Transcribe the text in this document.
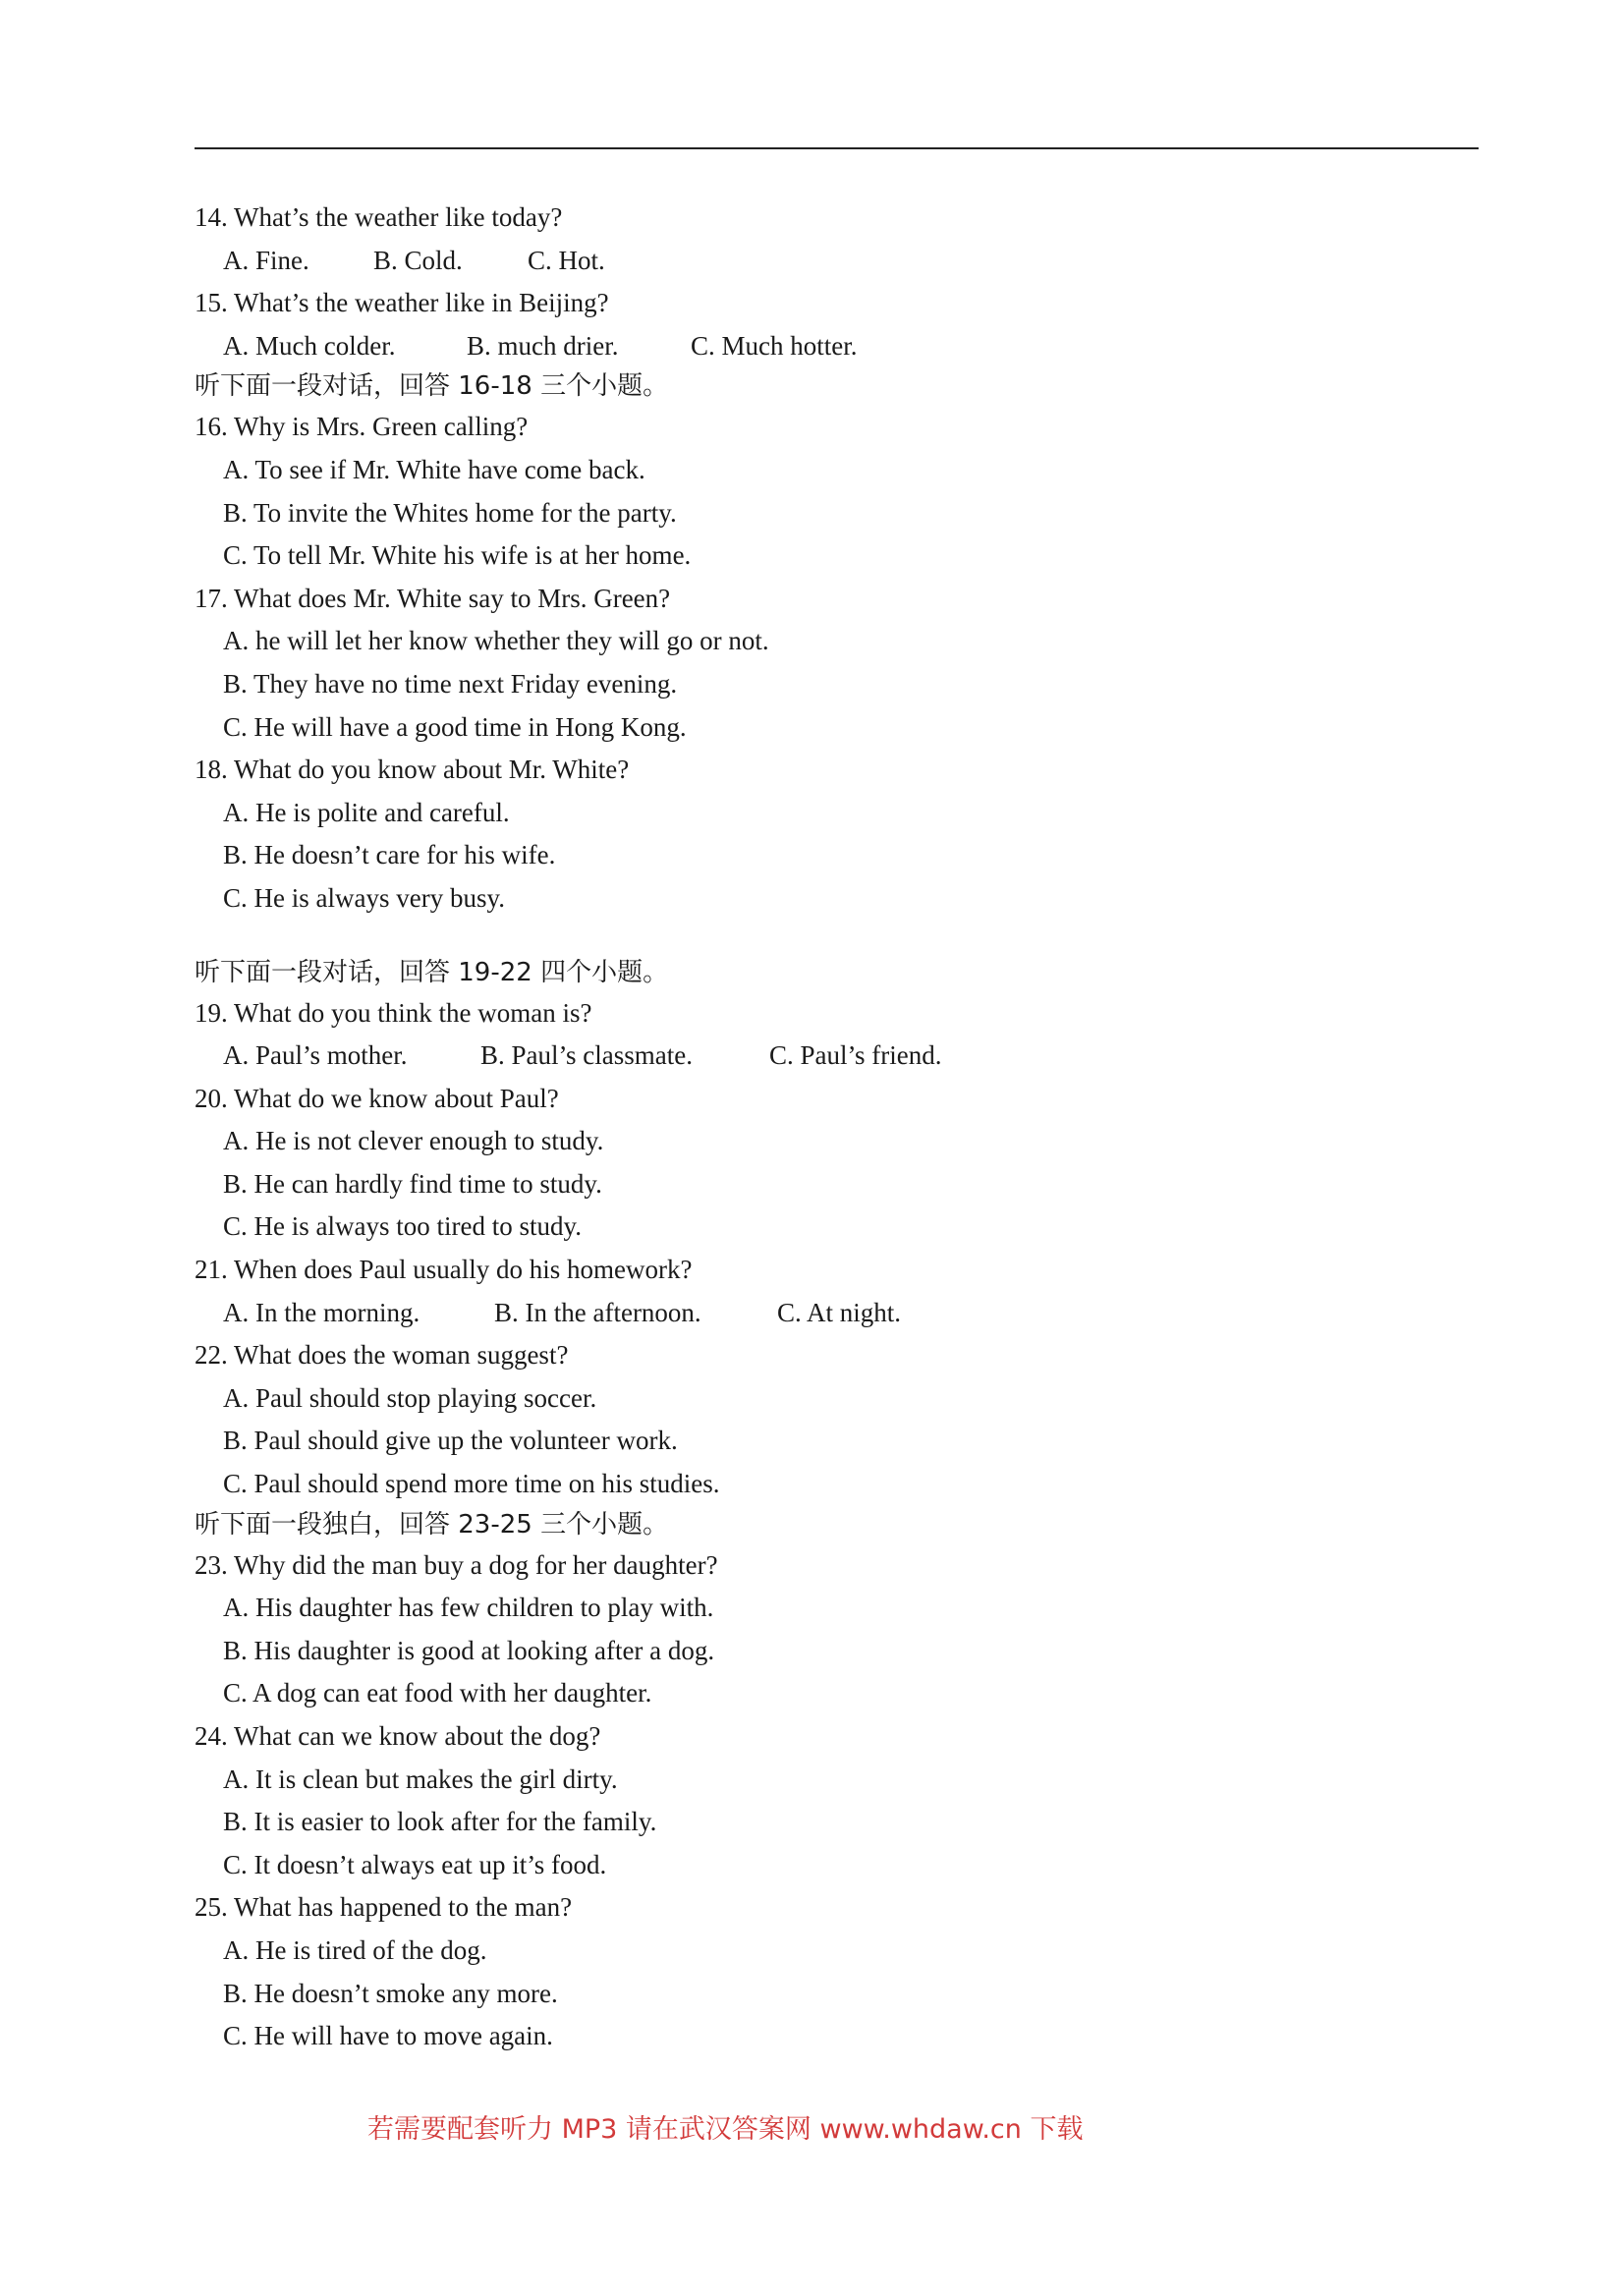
14. What’s the weather like today?
A. Fine.	B. Cold.	C. Hot.
15. What’s the weather like in Beijing?
A. Much colder.	B. much drier.	C. Much hotter.
听下面一段对话，回答 16-18 三个小题。
16. Why is Mrs. Green calling?
A. To see if Mr. White have come back.
B. To invite the Whites home for the party.
C. To tell Mr. White his wife is at her home.
17. What does Mr. White say to Mrs. Green?
A. he will let her know whether they will go or not.
B. They have no time next Friday evening.
C. He will have a good time in Hong Kong.
18. What do you know about Mr. White?
A. He is polite and careful.
B. He doesn’t care for his wife.
C. He is always very busy.
听下面一段对话，回答 19-22 四个小题。
19. What do you think the woman is?
A. Paul’s mother.	B. Paul’s classmate.	C. Paul’s friend.
20. What do we know about Paul?
A. He is not clever enough to study.
B. He can hardly find time to study.
C. He is always too tired to study.
21. When does Paul usually do his homework?
A. In the morning.	B. In the afternoon.	C. At night.
22. What does the woman suggest?
A. Paul should stop playing soccer.
B. Paul should give up the volunteer work.
C. Paul should spend more time on his studies.
听下面一段独白，回答 23-25 三个小题。
23. Why did the man buy a dog for her daughter?
A. His daughter has few children to play with.
B. His daughter is good at looking after a dog.
C. A dog can eat food with her daughter.
24. What can we know about the dog?
A. It is clean but makes the girl dirty.
B. It is easier to look after for the family.
C. It doesn’t always eat up it’s food.
25. What has happened to the man?
A. He is tired of the dog.
B. He doesn’t smoke any more.
C. He will have to move again.
若需要配套听力 MP3 请在武汉答案网 www.whdaw.cn 下载
